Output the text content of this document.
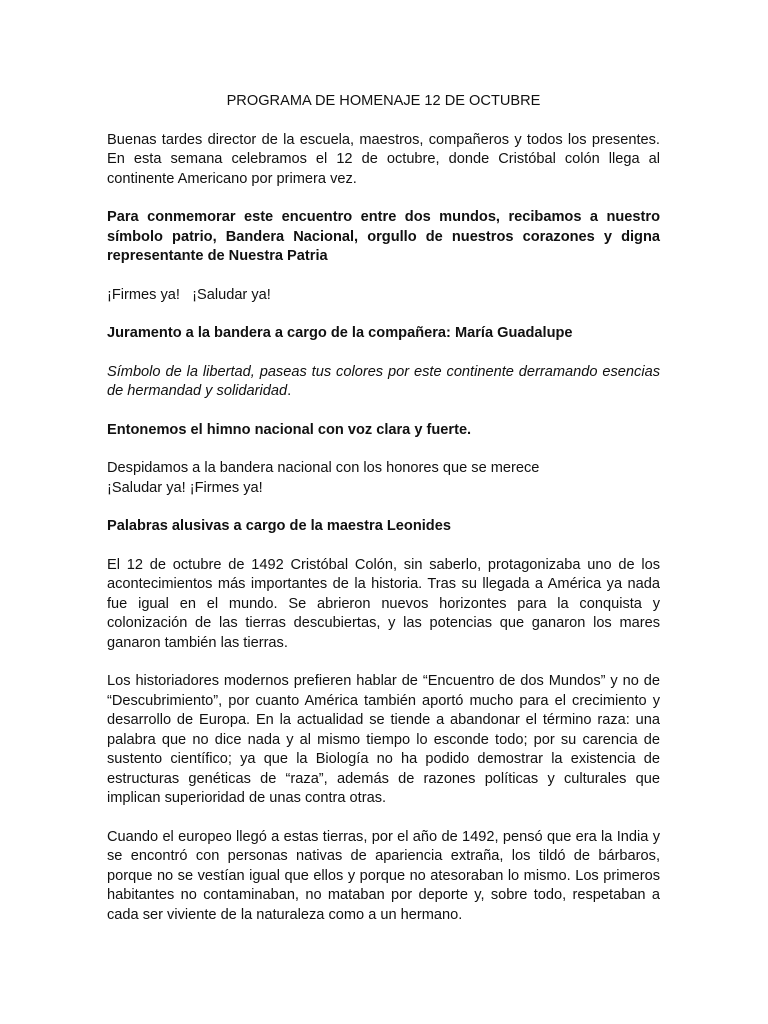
PROGRAMA DE HOMENAJE 12 DE OCTUBRE

Buenas tardes director de la escuela, maestros, compañeros y todos los presentes. En esta semana celebramos el 12 de octubre, donde Cristóbal colón llega al continente Americano por primera vez.

Para conmemorar este encuentro entre dos mundos, recibamos a nuestro símbolo patrio, Bandera Nacional, orgullo de nuestros corazones y digna representante de Nuestra Patria

¡Firmes ya!   ¡Saludar ya!

Juramento a la bandera a cargo de la compañera: María Guadalupe

Símbolo de la libertad, paseas tus colores por este continente derramando esencias de hermandad y solidaridad.

Entonemos el himno nacional con voz clara y fuerte.

Despidamos a la bandera nacional con los honores que se merece
¡Saludar ya! ¡Firmes ya!

Palabras alusivas a cargo de la maestra Leonides

El 12 de octubre de 1492 Cristóbal Colón, sin saberlo, protagonizaba uno de los acontecimientos más importantes de la historia. Tras su llegada a América ya nada fue igual en el mundo. Se abrieron nuevos horizontes para la conquista y colonización de las tierras descubiertas, y las potencias que ganaron los mares ganaron también las tierras.

Los historiadores modernos prefieren hablar de “Encuentro de dos Mundos” y no de “Descubrimiento”, por cuanto América también aportó mucho para el crecimiento y desarrollo de Europa. En la actualidad se tiende a abandonar el término raza: una palabra que no dice nada y al mismo tiempo lo esconde todo; por su carencia de sustento científico; ya que la Biología no ha podido demostrar la existencia de estructuras genéticas de “raza”, además de razones políticas y culturales que implican superioridad de unas contra otras.

Cuando el europeo llegó a estas tierras, por el año de 1492, pensó que era la India y se encontró con personas nativas de apariencia extraña, los tildó de bárbaros, porque no se vestían igual que ellos y porque no atesoraban lo mismo. Los primeros habitantes no contaminaban, no mataban por deporte y, sobre todo, respetaban a cada ser viviente de la naturaleza como a un hermano.
